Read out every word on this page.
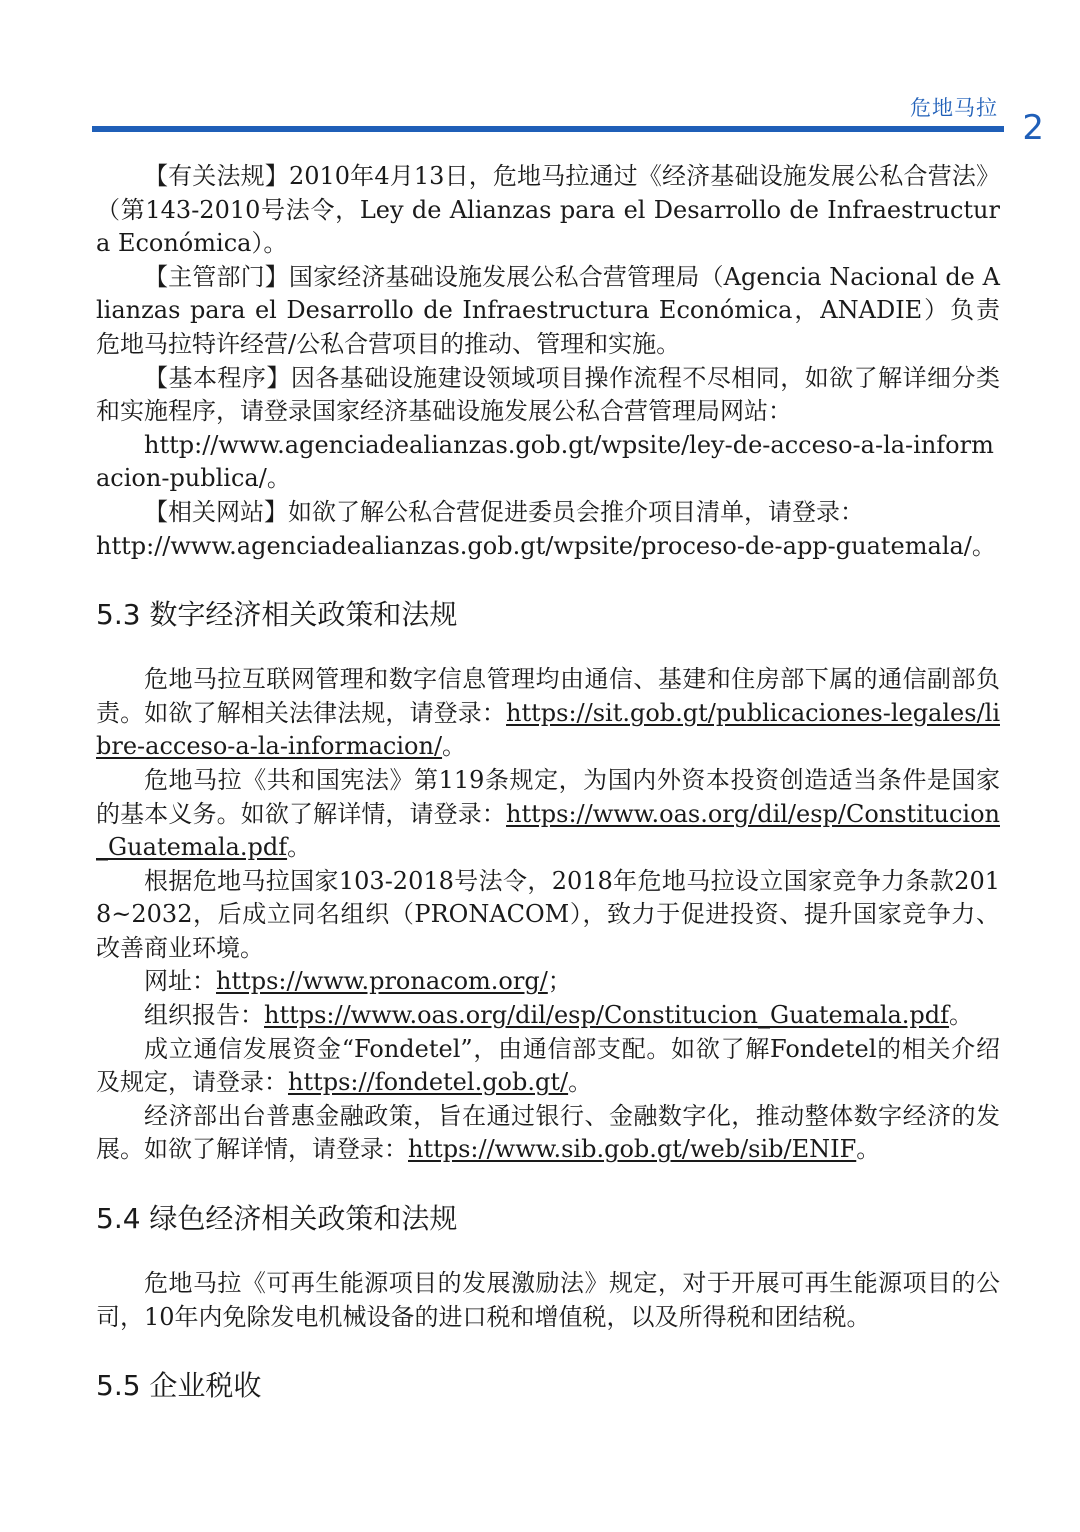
危地马拉 2

【有关法规】2010年4月13日，危地马拉通过《经济基础设施发展公私合营法》（第143-2010号法令，Ley de Alianzas para el Desarrollo de Infraestructura Económica）。

【主管部门】国家经济基础设施发展公私合营管理局（Agencia Nacional de Alianzas para el Desarrollo de Infraestructura Económica，ANADIE）负责危地马拉特许经营/公私合营项目的推动、管理和实施。

【基本程序】因各基础设施建设领域项目操作流程不尽相同，如欲了解详细分类和实施程序，请登录国家经济基础设施发展公私合营管理局网站：

http://www.agenciadealianzas.gob.gt/wpsite/ley-de-acceso-a-la-informacion-publica/。

【相关网站】如欲了解公私合营促进委员会推介项目清单，请登录：

http://www.agenciadealianzas.gob.gt/wpsite/proceso-de-app-guatemala/。

5.3 数字经济相关政策和法规

危地马拉互联网管理和数字信息管理均由通信、基建和住房部下属的通信副部负责。如欲了解相关法律法规，请登录：https://sit.gob.gt/publicaciones-legales/libre-acceso-a-la-informacion/。

危地马拉《共和国宪法》第119条规定，为国内外资本投资创造适当条件是国家的基本义务。如欲了解详情，请登录：https://www.oas.org/dil/esp/Constitucion_Guatemala.pdf。

根据危地马拉国家103-2018号法令，2018年危地马拉设立国家竞争力条款2018~2032，后成立同名组织（PRONACOM），致力于促进投资、提升国家竞争力、改善商业环境。

网址：https://www.pronacom.org/；

组织报告：https://www.oas.org/dil/esp/Constitucion_Guatemala.pdf。

成立通信发展资金“Fondetel”，由通信部支配。如欲了解Fondetel的相关介绍及规定，请登录：https://fondetel.gob.gt/。

经济部出台普惠金融政策，旨在通过银行、金融数字化，推动整体数字经济的发展。如欲了解详情，请登录：https://www.sib.gob.gt/web/sib/ENIF。

5.4 绿色经济相关政策和法规

危地马拉《可再生能源项目的发展激励法》规定，对于开展可再生能源项目的公司，10年内免除发电机械设备的进口税和增值税，以及所得税和团结税。

5.5 企业税收
